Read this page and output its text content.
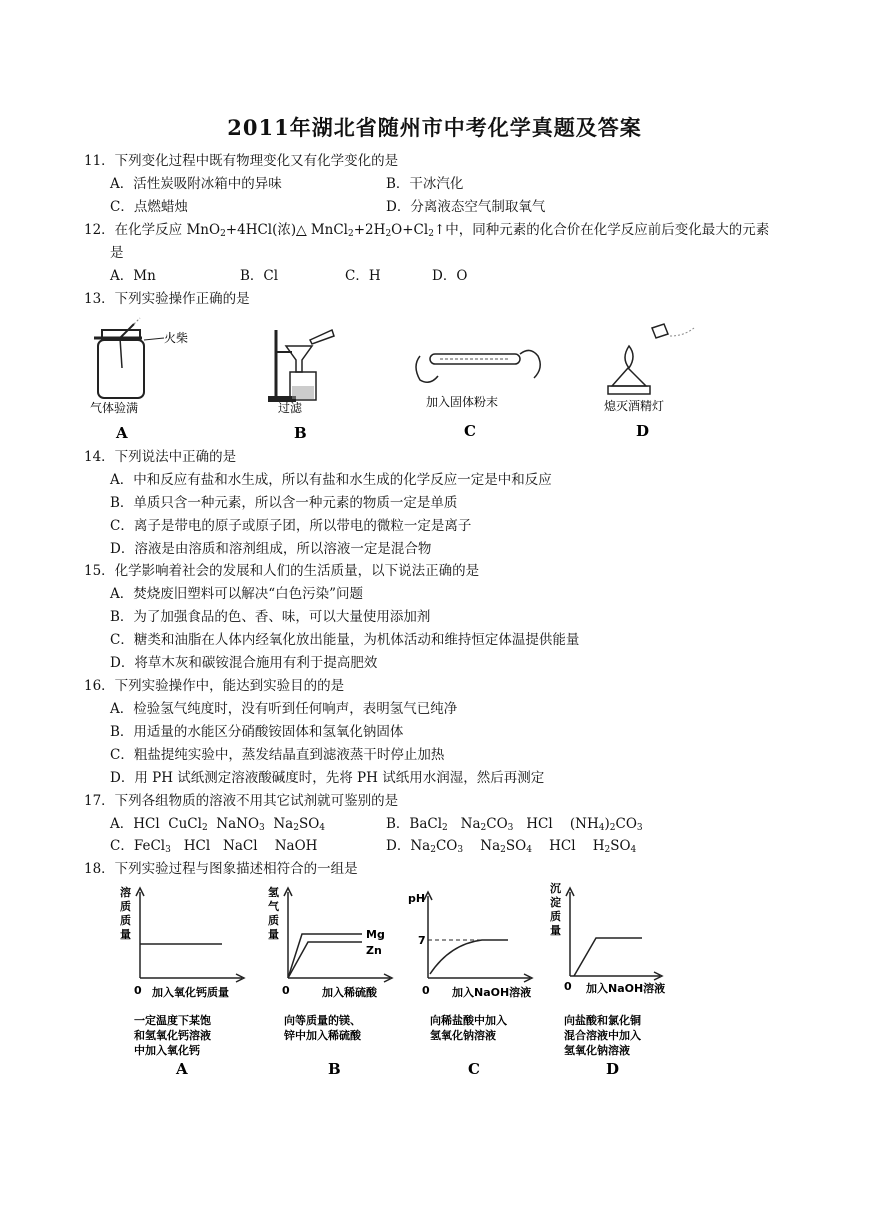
2011年湖北省随州市中考化学真题及答案
11．下列变化过程中既有物理变化又有化学变化的是
A．活性炭吸附冰箱中的异味	B．干冰汽化
C．点燃蜡烛	D．分离液态空气制取氧气
12．在化学反应 MnO$_2$+4HCl(浓)△ $MnCl_2+2H_2O+Cl_2↑$中，同种元素的化合价在化学反应前后变化最大的元素
是
A．Mn	B．Cl	C．H	D．O
13．下列实验操作正确的是
火柴
气体验满
A
过滤
B
加入固体粉末
C
熄灭酒精灯
D
14．下列说法中正确的是
A．中和反应有盐和水生成，所以有盐和水生成的化学反应一定是中和反应
B．单质只含一种元素，所以含一种元素的物质一定是单质
C．离子是带电的原子或原子团，所以带电的微粒一定是离子
D．溶液是由溶质和溶剂组成，所以溶液一定是混合物
15．化学影响着社会的发展和人们的生活质量，以下说法正确的是
A．焚烧废旧塑料可以解决“白色污染”问题
B．为了加强食品的色、香、味，可以大量使用添加剂
C．糖类和油脂在人体内经氧化放出能量，为机体活动和维持恒定体温提供能量
D．将草木灰和碳铵混合施用有利于提高肥效
16．下列实验操作中，能达到实验目的的是
A．检验氢气纯度时，没有听到任何响声，表明氢气已纯净
B．用适量的水能区分硝酸铵固体和氢氧化钠固体
C．粗盐提纯实验中，蒸发结晶直到滤液蒸干时停止加热
D．用 PH 试纸测定溶液酸碱度时，先将 PH 试纸用水润湿，然后再测定
17．下列各组物质的溶液不用其它试剂就可鉴别的是
A．HCl CuCl$_2$ NaNO$_3$ $Na_2SO_4$	B．BaCl$_2$ $Na_2CO_3$ HCl $(NH_4)_2CO_3$
C．FeCl$_3$ HCl NaCl NaOH	D．$Na_2CO_3$ $Na_2SO_4$ HCl $H_2SO_4$
18．下列实验过程与图象描述相符合的一组是
溶
质
质
量
0 加入氧化钙质量
一定温度下某饱
和氢氧化钙溶液
中加入氧化钙
A
氢
气
质
量	Mg
Zn
0	加入稀硫酸
向等质量的镁、
锌中加入稀硫酸
B
pH
7
0 加入NaOH溶液
向稀盐酸中加入
氢氧化钠溶液
C
沉
淀
质
量
0 加入NaOH溶液
向盐酸和氯化铜
混合溶液中加入
氢氧化钠溶液
D
